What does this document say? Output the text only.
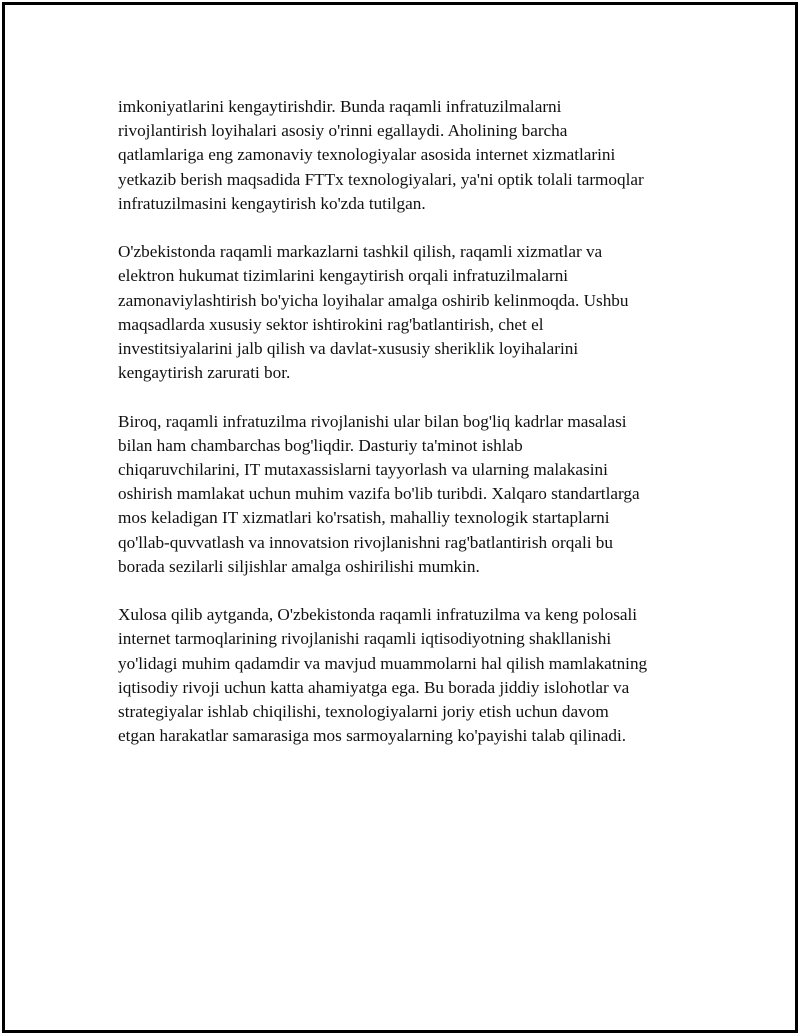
imkoniyatlarini kengaytirishdir. Bunda raqamli infratuzilmalarni
rivojlantirish loyihalari asosiy o'rinni egallaydi. Aholining barcha
qatlamlariga eng zamonaviy texnologiyalar asosida internet xizmatlarini
yetkazib berish maqsadida FTTx texnologiyalari, ya'ni optik tolali tarmoqlar
infratuzilmasini kengaytirish ko'zda tutilgan.

O'zbekistonda raqamli markazlarni tashkil qilish, raqamli xizmatlar va
elektron hukumat tizimlarini kengaytirish orqali infratuzilmalarni
zamonaviylashtirish bo'yicha loyihalar amalga oshirib kelinmoqda. Ushbu
maqsadlarda xususiy sektor ishtirokini rag'batlantirish, chet el
investitsiyalarini jalb qilish va davlat-xususiy sheriklik loyihalarini
kengaytirish zarurati bor.

Biroq, raqamli infratuzilma rivojlanishi ular bilan bog'liq kadrlar masalasi
bilan ham chambarchas bog'liqdir. Dasturiy ta'minot ishlab
chiqaruvchilarini, IT mutaxassislarni tayyorlash va ularning malakasini
oshirish mamlakat uchun muhim vazifa bo'lib turibdi. Xalqaro standartlarga
mos keladigan IT xizmatlari ko'rsatish, mahalliy texnologik startaplarni
qo'llab-quvvatlash va innovatsion rivojlanishni rag'batlantirish orqali bu
borada sezilarli siljishlar amalga oshirilishi mumkin.

Xulosa qilib aytganda, O'zbekistonda raqamli infratuzilma va keng polosali
internet tarmoqlarining rivojlanishi raqamli iqtisodiyotning shakllanishi
yo'lidagi muhim qadamdir va mavjud muammolarni hal qilish mamlakatning
iqtisodiy rivoji uchun katta ahamiyatga ega. Bu borada jiddiy islohotlar va
strategiyalar ishlab chiqilishi, texnologiyalarni joriy etish uchun davom
etgan harakatlar samarasiga mos sarmoyalarning ko'payishi talab qilinadi.
